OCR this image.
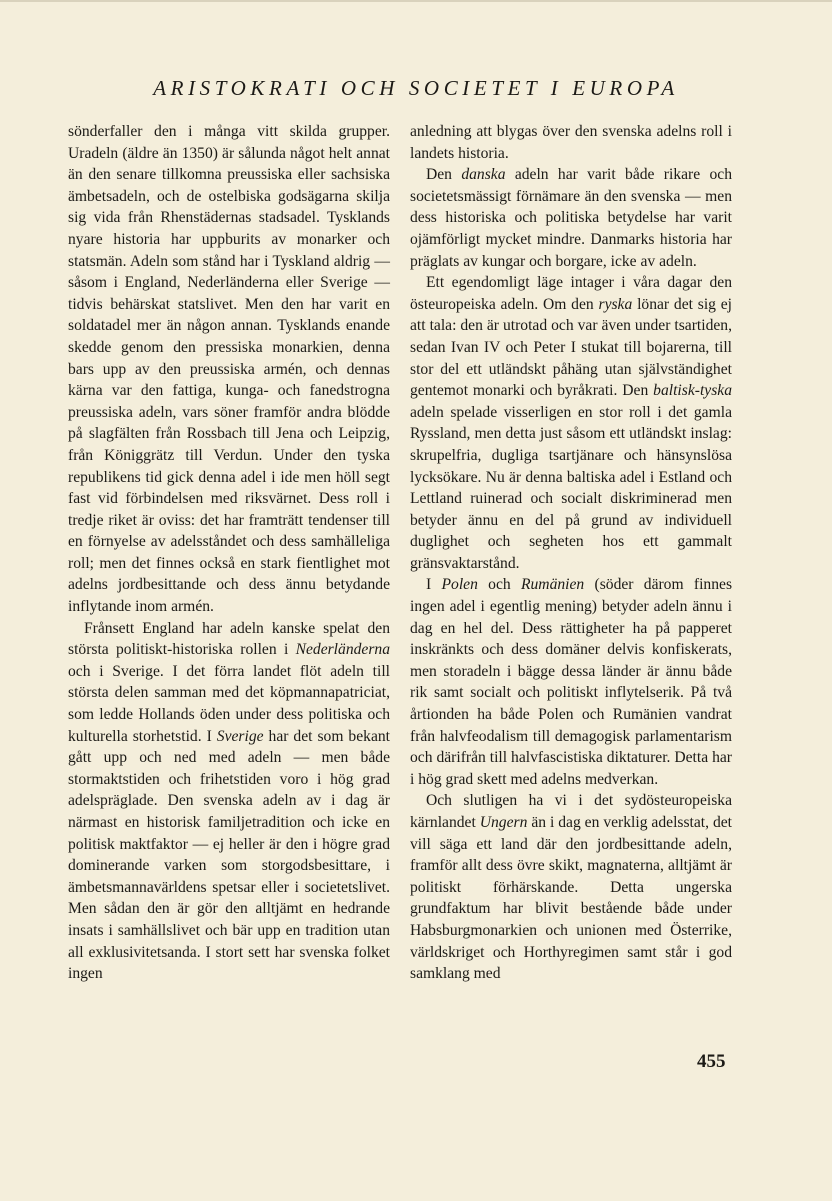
ARISTOKRATI OCH SOCIETET I EUROPA

sönderfaller den i många vitt skilda grupper. Uradeln (äldre än 1350) är sålunda något helt annat än den senare tillkomna preussiska eller sachsiska ämbetsadeln, och de ostelbiska godsägarna skilja sig vida från Rhenstädernas stadsadel. Tysklands nyare historia har uppburits av monarker och statsmän. Adeln som stånd har i Tyskland aldrig — såsom i England, Nederländerna eller Sverige — tidvis behärskat statslivet. Men den har varit en soldatadel mer än någon annan. Tysklands enande skedde genom den pressiska monarkien, denna bars upp av den preussiska armén, och dennas kärna var den fattiga, kunga- och fanedstrogna preussiska adeln, vars söner framför andra blödde på slagfälten från Rossbach till Jena och Leipzig, från Königgrätz till Verdun. Under den tyska republikens tid gick denna adel i ide men höll segt fast vid förbindelsen med riksvärnet. Dess roll i tredje riket är oviss: det har framträtt tendenser till en förnyelse av adelsståndet och dess samhälleliga roll; men det finnes också en stark fientlighet mot adelns jordbesittande och dess ännu betydande inflytande inom armén.

Frånsett England har adeln kanske spelat den största politiskt-historiska rollen i Nederländerna och i Sverige. I det förra landet flöt adeln till största delen samman med det köpmannapatriciat, som ledde Hollands öden under dess politiska och kulturella storhetstid. I Sverige har det som bekant gått upp och ned med adeln — men både stormaktstiden och frihetstiden voro i hög grad adelspräglade. Den svenska adeln av i dag är närmast en historisk familjetradition och icke en politisk maktfaktor — ej heller är den i högre grad dominerande varken som storgodsbesittare, i ämbetsmannavärldens spetsar eller i societetslivet. Men sådan den är gör den alltjämt en hedrande insats i samhällslivet och bär upp en tradition utan all exklusivitetsanda. I stort sett har svenska folket ingen

anledning att blygas över den svenska adelns roll i landets historia.

Den danska adeln har varit både rikare och societetsmässigt förnämare än den svenska — men dess historiska och politiska betydelse har varit ojämförligt mycket mindre. Danmarks historia har präglats av kungar och borgare, icke av adeln.

Ett egendomligt läge intager i våra dagar den östeuropeiska adeln. Om den ryska lönar det sig ej att tala: den är utrotad och var även under tsartiden, sedan Ivan IV och Peter I stukat till bojarerna, till stor del ett utländskt påhäng utan självständighet gentemot monarki och byråkrati. Den baltisk-tyska adeln spelade visserligen en stor roll i det gamla Ryssland, men detta just såsom ett utländskt inslag: skrupelfria, dugliga tsartjänare och hänsynslösa lycksökare. Nu är denna baltiska adel i Estland och Lettland ruinerad och socialt diskriminerad men betyder ännu en del på grund av individuell duglighet och segheten hos ett gammalt gränsvaktarstånd.

I Polen och Rumänien (söder därom finnes ingen adel i egentlig mening) betyder adeln ännu i dag en hel del. Dess rättigheter ha på papperet inskränkts och dess domäner delvis konfiskerats, men storadeln i bägge dessa länder är ännu både rik samt socialt och politiskt inflytelserik. På två årtionden ha både Polen och Rumänien vandrat från halvfeodalism till demagogisk parlamentarism och därifrån till halvfascistiska diktaturer. Detta har i hög grad skett med adelns medverkan.

Och slutligen ha vi i det sydösteuropeiska kärnlandet Ungern än i dag en verklig adelsstat, det vill säga ett land där den jordbesittande adeln, framför allt dess övre skikt, magnaterna, alltjämt är politiskt förhärskande. Detta ungerska grundfaktum har blivit bestående både under Habsburgmonarkien och unionen med Österrike, världskriget och Horthyregimen samt står i god samklang med

455
